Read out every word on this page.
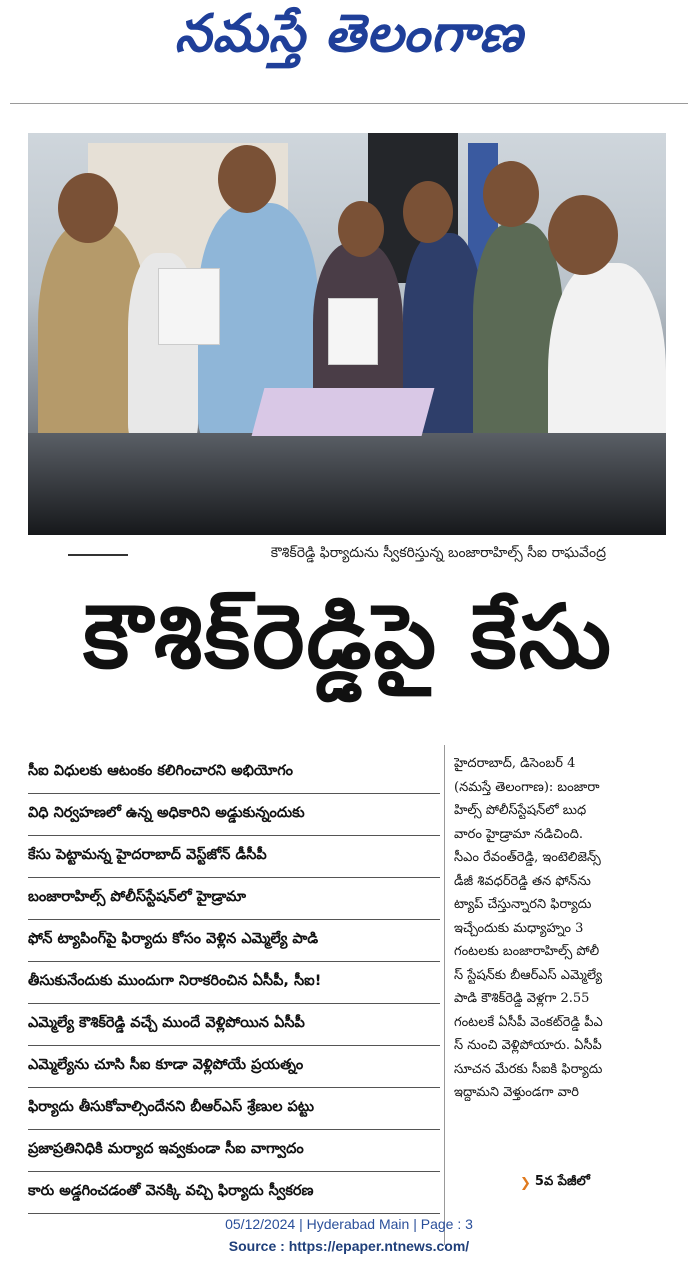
నమస్తే తెలంగాణ
కౌశిక్‌రెడ్డి ఫిర్యాదును స్వీకరిస్తున్న బంజారాహిల్స్ సీఐ రాఘవేంద్ర
కౌశిక్‌రెడ్డిపై కేసు
సీఐ విధులకు ఆటంకం కలిగించారని అభియోగం
విధి నిర్వహణలో ఉన్న అధికారిని అడ్డుకున్నందుకు
కేసు పెట్టామన్న హైదరాబాద్ వెస్ట్‌జోన్ డీసీపీ
బంజారాహిల్స్ పోలీస్‌స్టేషన్‌లో హైడ్రామా
ఫోన్ ట్యాపింగ్‌పై ఫిర్యాదు కోసం వెళ్లిన ఎమ్మెల్యే పాడి
తీసుకునేందుకు ముందుగా నిరాకరించిన ఏసీపీ, సీఐ!
ఎమ్మెల్యే కౌశిక్‌రెడ్డి వచ్చే ముందే వెళ్లిపోయిన ఏసీపీ
ఎమ్మెల్యేను చూసి సీఐ కూడా వెళ్లిపోయే ప్రయత్నం
ఫిర్యాదు తీసుకోవాల్సిందేనని బీఆర్‌ఎస్ శ్రేణుల పట్టు
ప్రజాప్రతినిధికి మర్యాద ఇవ్వకుండా సీఐ వాగ్వాదం
కారు అడ్డగించడంతో వెనక్కి వచ్చి ఫిర్యాదు స్వీకరణ
హైదరాబాద్, డిసెంబర్ 4
(నమస్తే తెలంగాణ): బంజారా
హిల్స్ పోలీస్‌స్టేషన్‌లో బుధ
వారం హైడ్రామా నడిచింది.
సీఎం రేవంత్‌రెడ్డి, ఇంటెలిజెన్స్
డీజీ శివధర్‌రెడ్డి తన ఫోన్‌ను
ట్యాప్ చేస్తున్నారని ఫిర్యాదు
ఇచ్చేందుకు మధ్యాహ్నం 3
గంటలకు బంజారాహిల్స్ పోలీ
స్ స్టేషన్‌కు బీఆర్‌ఎస్ ఎమ్మెల్యే
పాడి కౌశిక్‌రెడ్డి వెళ్లగా 2.55
గంటలకే ఏసీపీ వెంకట్‌రెడ్డి పీఎ
స్ నుంచి వెళ్లిపోయారు. ఏసీపీ
సూచన మేరకు సీఐకి ఫిర్యాదు
ఇద్దామని వెళ్తుండగా వారి
❯ 5వ పేజీలో
05/12/2024 | Hyderabad Main | Page : 3
Source : https://epaper.ntnews.com/
